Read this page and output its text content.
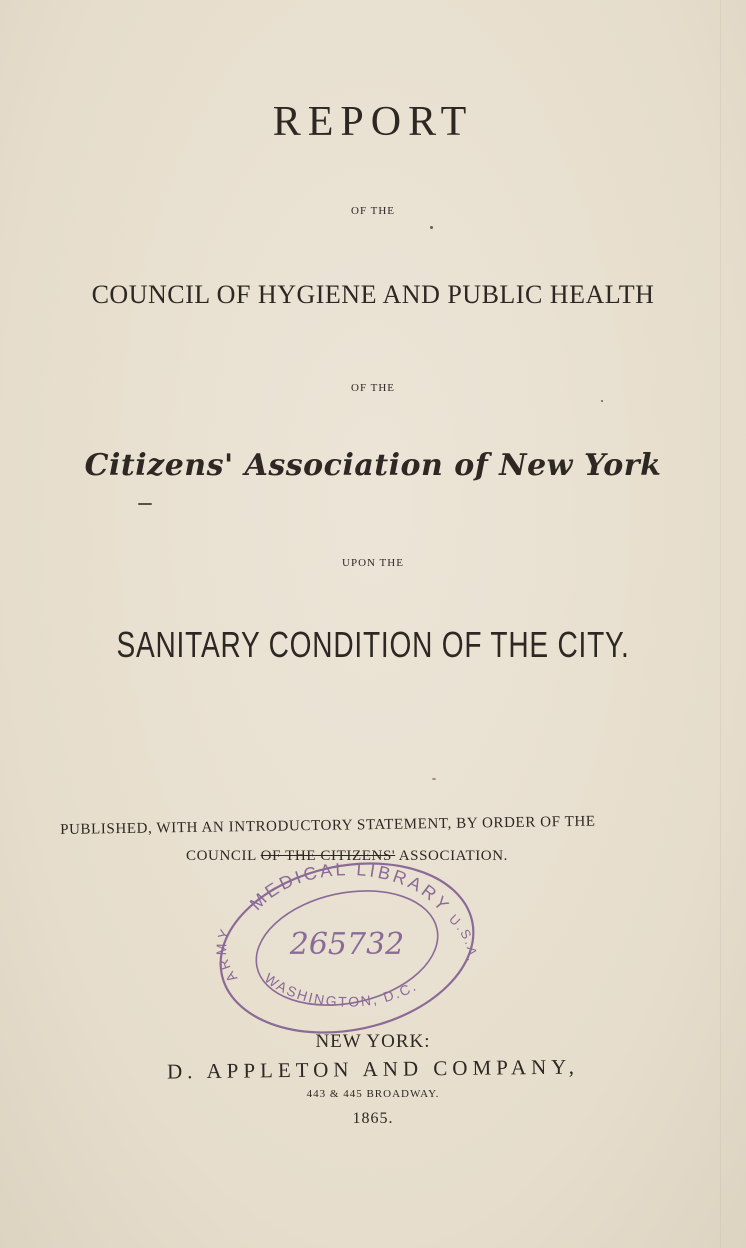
REPORT
OF THE
COUNCIL OF HYGIENE AND PUBLIC HEALTH
OF THE
Citizens' Association of New York
UPON THE
SANITARY CONDITION OF THE CITY.
PUBLISHED, WITH AN INTRODUCTORY STATEMENT, BY ORDER OF THE
COUNCIL OF THE CITIZENS' ASSOCIATION.
MEDICAL LIBRARY
ARMY
U.S.A.
WASHINGTON, D.C.
265732
NEW YORK:
D. APPLETON AND COMPANY,
443 & 445 BROADWAY.
1865.
